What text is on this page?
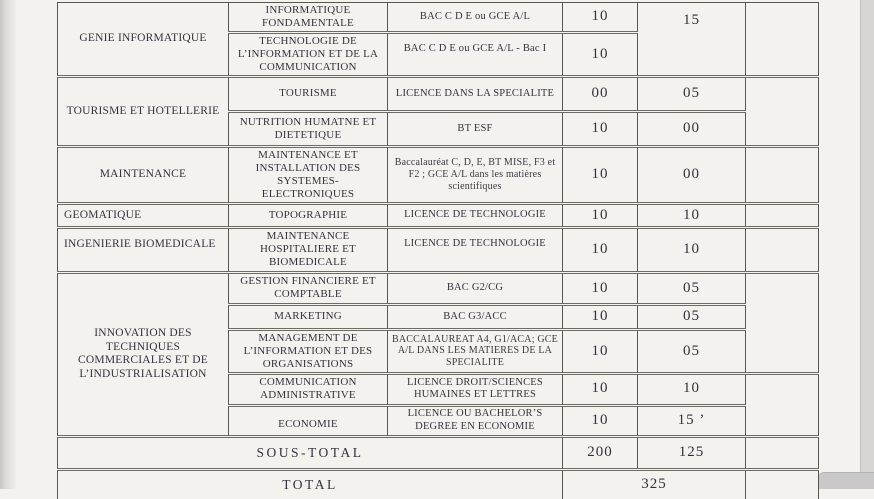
GENIE INFORMATIQUE	INFORMATIQUE FONDAMENTALE	BAC C D E ou GCE A/L	10	15	
	TECHNOLOGIE DE L’INFORMATION ET DE LA COMMUNICATION	BAC C D E ou GCE A/L - Bac I	10		
TOURISME ET HOTELLERIE	TOURISME	LICENCE DANS LA SPECIALITE	00	05	
	NUTRITION HUMATNE ET DIETETIQUE	BT ESF	10	00	
MAINTENANCE	MAINTENANCE ET INSTALLATION DES SYSTEMES- ELECTRONIQUES	Baccalauréat C, D, E, BT MISE, F3 et F2 ; GCE A/L dans les matières scientifiques	10	00	
GEOMATIQUE	TOPOGRAPHIE	LICENCE DE TECHNOLOGIE	10	10	
INGENIERIE BIOMEDICALE	MAINTENANCE HOSPITALIERE ET BIOMEDICALE	LICENCE DE TECHNOLOGIE	10	10	
INNOVATION DES TECHNIQUES COMMERCIALES ET DE L’INDUSTRIALISATION	GESTION FINANCIERE ET COMPTABLE	BAC G2/CG	10	05	
	MARKETING	BAC G3/ACC	10	05	
	MANAGEMENT DE L’INFORMATION ET DES ORGANISATIONS	BACCALAUREAT A4, G1/ACA; GCE A/L DANS LES MATIERES DE LA SPECIALITE	10	05	
	COMMUNICATION ADMINISTRATIVE	LICENCE DROIT/SCIENCES HUMAINES ET LETTRES	10	10	
	ECONOMIE	LICENCE OU BACHELOR’S DEGREE EN ECONOMIE	10	15 ’	
SOUS-TOTAL			200	125	
TOTAL			325		
